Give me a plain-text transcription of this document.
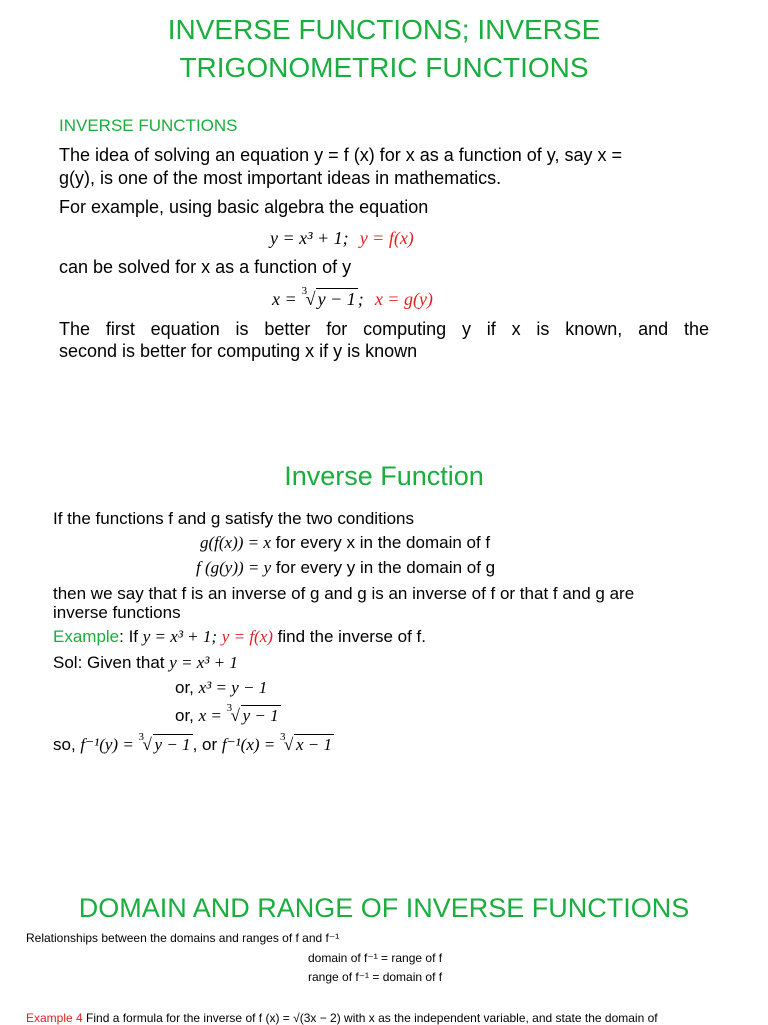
INVERSE FUNCTIONS; INVERSE
TRIGONOMETRIC FUNCTIONS
INVERSE FUNCTIONS
The idea of solving an equation y = f (x) for x as a function of y, say x =
g(y), is one of the most important ideas in mathematics.
For example, using basic algebra the equation
y = x³ + 1; y = f(x)
can be solved for x as a function of y
x = 3
√ y − 1 ; x = g(y)
The first equation is better for computing y if x is known, and the
second is better for computing x if y is known
Inverse Function
If the functions f and g satisfy the two conditions
g(f(x)) = x for every x in the domain of f
f (g(y)) = y for every y in the domain of g
then we say that f is an inverse of g and g is an inverse of f or that f and g are
inverse functions
Example: If y = x³ + 1; y = f(x) find the inverse of f.
Sol: Given that y = x³ + 1
or, x³ = y − 1
or, x = 3
√ y − 1
so, f⁻¹(y) = 3
√ y − 1 , or f⁻¹(x) = 3
√ x − 1
DOMAIN AND RANGE OF INVERSE FUNCTIONS
Relationships between the domains and ranges of f and f⁻¹
domain of f⁻¹ = range of f
range of f⁻¹ = domain of f
Example 4 Find a formula for the inverse of f (x) = √(3x − 2) with x as the independent variable, and state the domain of
